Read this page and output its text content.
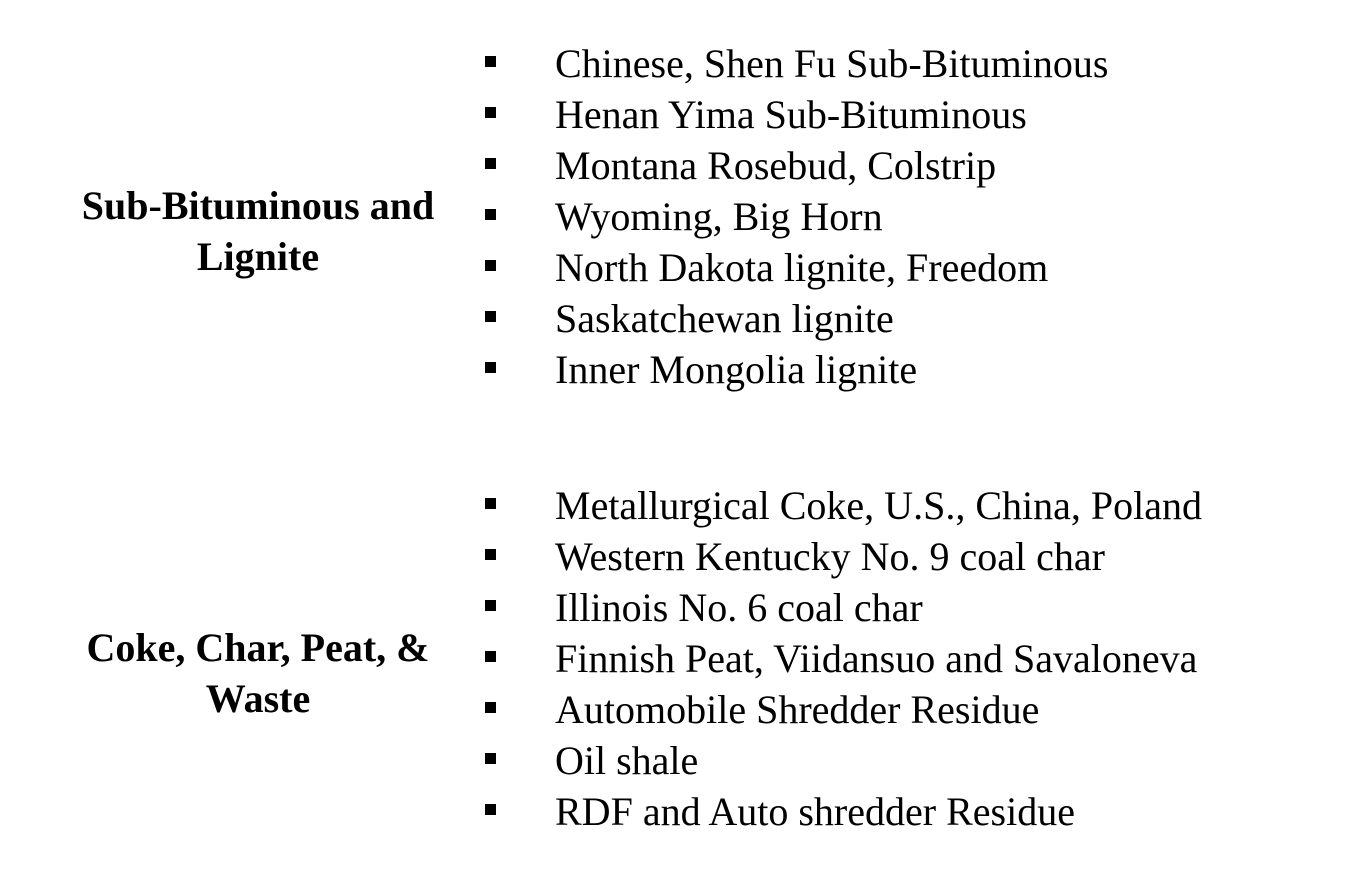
Sub-Bituminous and
Lignite
Chinese, Shen Fu Sub-Bituminous
Henan Yima Sub-Bituminous
Montana Rosebud, Colstrip
Wyoming, Big Horn
North Dakota lignite, Freedom
Saskatchewan lignite
Inner Mongolia lignite
Coke, Char, Peat, &
Waste
Metallurgical Coke, U.S., China, Poland
Western Kentucky No. 9 coal char
Illinois No. 6 coal char
Finnish Peat, Viidansuo and Savaloneva
Automobile Shredder Residue
Oil shale
RDF and Auto shredder Residue
